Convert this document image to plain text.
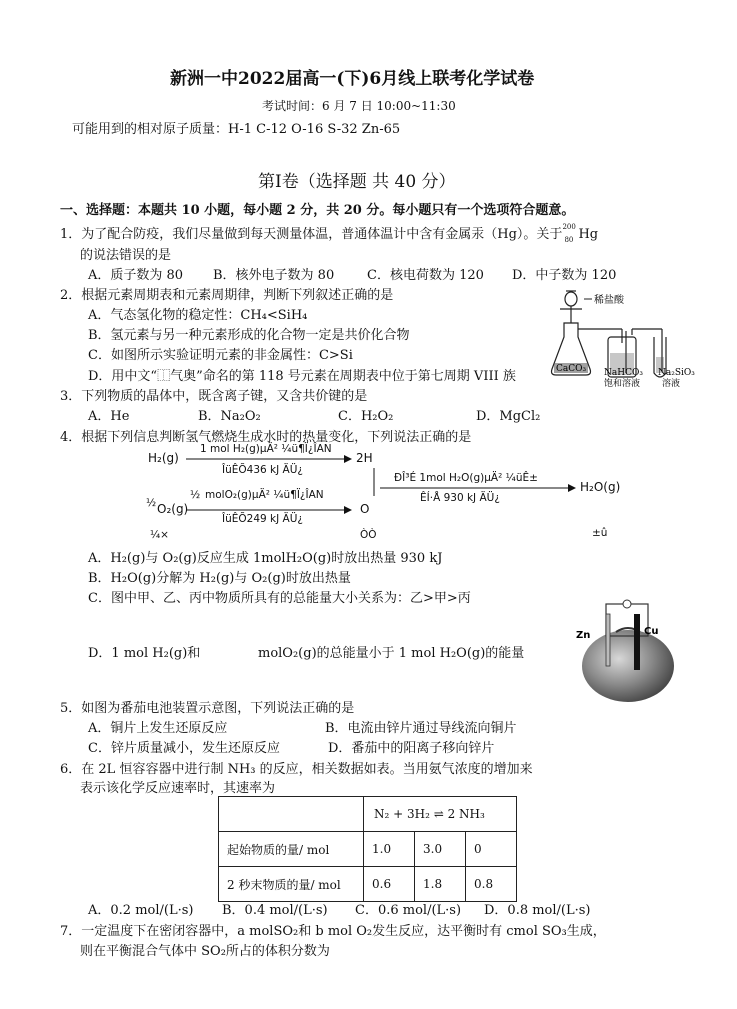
新洲一中2022届高一(下)6月线上联考化学试卷
考试时间：6 月 7 日 10:00~11:30
可能用到的相对原子质量：H-1 C-12 O-16 S-32 Zn-65
第Ⅰ卷（选择题 共 40 分）
一、选择题：本题共 10 小题，每小题 2 分，共 20 分。每小题只有一个选项符合题意。
1．为了配合防疫，我们尽量做到每天测量体温，普通体温计中含有金属汞（Hg）。关于
200
80 Hg
的说法错误的是
A．质子数为 80 B．核外电子数为 80	C．核电荷数为 120 D．中子数为 120
2．根据元素周期表和元素周期律，判断下列叙述正确的是
A．气态氢化物的稳定性：CH₄<SiH₄
B．氢元素与另一种元素形成的化合物一定是共价化合物
C．如图所示实验证明元素的非金属性：C>Si
D．用中文“⿰气奥”命名的第 118 号元素在周期表中位于第七周期 VIII 族
稀盐酸
CaCO₃ NaHCO₃
饱和溶液
Na₂SiO₃
溶液
3．下列物质的晶体中，既含离子键，又含共价键的是
A．He	B．Na₂O₂	C．H₂O₂	D．MgCl₂
4．根据下列信息判断氢气燃烧生成水时的热量变化，下列说法正确的是
H₂(g)
1 mol H₂(g)µÄ² ¼ü¶Ï¿ÎAN
ÎüÊÕ436 kJ ÄÜ¿
2H
ÐÎ³É 1mol H₂O(g)µÄ² ¼üÊ±
ÊÍ·Å 930 kJ ÄÜ¿
H₂O(g)
½ O₂(g)
½ molO₂(g)µÄ² ¼ü¶Ï¿ÎAN
ÎüÊÕ249 kJ ÄÜ¿
O
¼×	ÒÒ	±û
A．H₂(g)与 O₂(g)反应生成 1molH₂O(g)时放出热量 930 kJ
B．H₂O(g)分解为 H₂(g)与 O₂(g)时放出热量
C．图中甲、乙、丙中物质所具有的总能量大小关系为：乙>甲>丙
D．1 mol H₂(g)和	molO₂(g)的总能量小于 1 mol H₂O(g)的能量
Zn	Cu
5．如图为番茄电池装置示意图，下列说法正确的是
A．铜片上发生还原反应	B．电流由锌片通过导线流向铜片
C．锌片质量减小，发生还原反应	D．番茄中的阳离子移向锌片
6．在 2L 恒容容器中进行制 NH₃ 的反应，相关数据如表。当用氨气浓度的增加来
表示该化学反应速率时，其速率为
	N₂ + 3H₂ ⇌ 2 NH₃		
起始物质的量/ mol	1.0	3.0	0
2 秒末物质的量/ mol	0.6	1.8	0.8
A．0.2 mol/(L·s) B．0.4 mol/(L·s) C．0.6 mol/(L·s) D．0.8 mol/(L·s)
7．一定温度下在密闭容器中，a molSO₂和 b mol O₂发生反应，达平衡时有 cmol SO₃生成，
则在平衡混合气体中 SO₂所占的体积分数为
